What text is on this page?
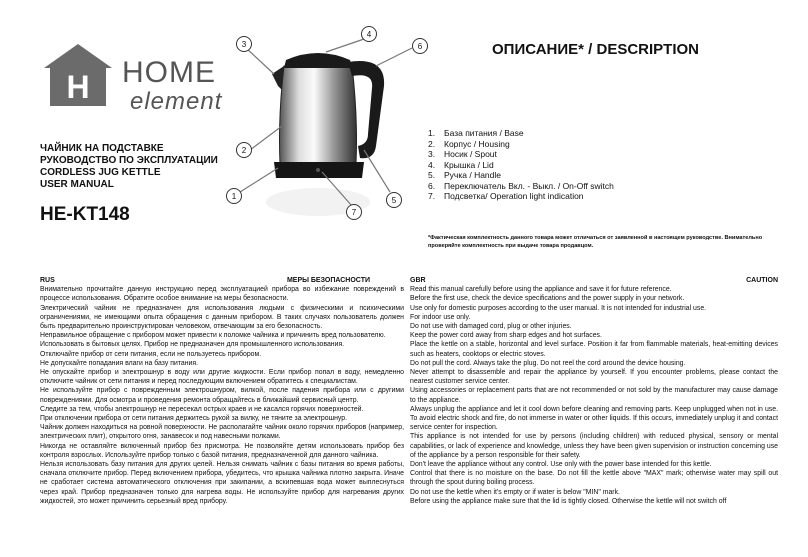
H HOME
element
ЧАЙНИК НА ПОДСТАВКЕ
РУКОВОДСТВО ПО ЭКСПЛУАТАЦИИ
CORDLESS JUG KETTLE
USER MANUAL
HE-KT148
1
2
3
4
5
6
7
ОПИСАНИЕ* / DESCRIPTION
1. База питания / Base
2. Корпус / Housing
3. Носик / Spout
4. Крышка / Lid
5. Ручка / Handle
6. Переключатель Вкл. - Выкл. / On-Off switch
7. Подсветка/ Operation light indication
*Фактическая комплектность данного товара может отличаться от заявленной в настоящем руководстве. Внимательно проверяйте комплектность при выдаче товара продавцом.
RUS	МЕРЫ БЕЗОПАСНОСТИ

Внимательно прочитайте данную инструкцию перед эксплуатацией прибора во избежание повреждений в процессе использования. Обратите особое внимание на меры безопасности.

Электрический чайник не предназначен для использования людьми с физическими и психическими ограничениями, не имеющими опыта обращения с данным прибором. В таких случаях пользователь должен быть предварительно проинструктирован человеком, отвечающим за его безопасность.

Неправильное обращение с прибором может привести к поломке чайника и причинить вред пользователю.

Использовать в бытовых целях. Прибор не предназначен для промышленного использования.

Отключайте прибор от сети питания, если не пользуетесь прибором.

Не допускайте попадания влаги на базу питания.

Не опускайте прибор и электрошнур в воду или другие жидкости. Если прибор попал в воду, немедленно отключите чайник от сети питания и перед последующим включением обратитесь к специалистам.

Не используйте прибор с поврежденным электрошнуром, вилкой, после падения прибора или с другими повреждениями. Для осмотра и проведения ремонта обращайтесь в ближайший сервисный центр.

Следите за тем, чтобы электрошнур не пересекал острых краев и не касался горячих поверхностей.

При отключении прибора от сети питания держитесь рукой за вилку, не тяните за электрошнур.

Чайник должен находиться на ровной поверхности. Не располагайте чайник около горячих приборов (например, электрических плит), открытого огня, занавесок и под навесными полками.

Никогда не оставляйте включенный прибор без присмотра. Не позволяйте детям использовать прибор без контроля взрослых. Используйте прибор только с базой питания, предназначенной для данного чайника.

Нельзя использовать базу питания для других целей. Нельзя снимать чайник с базы питания во время работы, сначала отключите прибор. Перед включением прибора, убедитесь, что крышка чайника плотно закрыта. Иначе не сработает система автоматического отключения при закипании, а вскипевшая вода может выплеснуться через край. Прибор предназначен только для нагрева воды. Не используйте прибор для нагревания других жидкостей, это может причинить серьезный вред прибору.

GBR	CAUTION

Read this manual carefully before using the appliance and save it for future reference.

Before the first use, check the device specifications and the power supply in your network.

Use only for domestic purposes according to the user manual. It is not intended for industrial use.

For indoor use only.

Do not use with damaged cord, plug or other injuries.

Keep the power cord away from sharp edges and hot surfaces.

Place the kettle on a stable, horizontal and level surface. Position it far from flammable materials, heat-emitting devices such as heaters, cooktops or electric stoves.

Do not pull the cord. Always take the plug. Do not reel the cord around the device housing.

Never attempt to disassemble and repair the appliance by yourself. If you encounter problems, please contact the nearest customer service center.

Using accessories or replacement parts that are not recommended or not sold by the manufacturer may cause damage to the appliance.

Always unplug the appliance and let it cool down before cleaning and removing parts. Keep unplugged when not in use. To avoid electric shock and fire, do not immerse in water or other liquids. If this occurs, immediately unplug it and contact service center for inspection.

This appliance is not intended for use by persons (including children) with reduced physical, sensory or mental capabilities, or lack of experience and knowledge, unless they have been given supervision or instruction concerning use of the appliance by a person responsible for their safety.

Don't leave the appliance without any control. Use only with the power base intended for this kettle.

Control that there is no moisture on the base. Do not fill the kettle above "MAX" mark; otherwise water may spill out through the spout during boiling process.

Do not use the kettle when it's empty or if water is below "MIN" mark.

Before using the appliance make sure that the lid is tightly closed. Otherwise the kettle will not switch off
